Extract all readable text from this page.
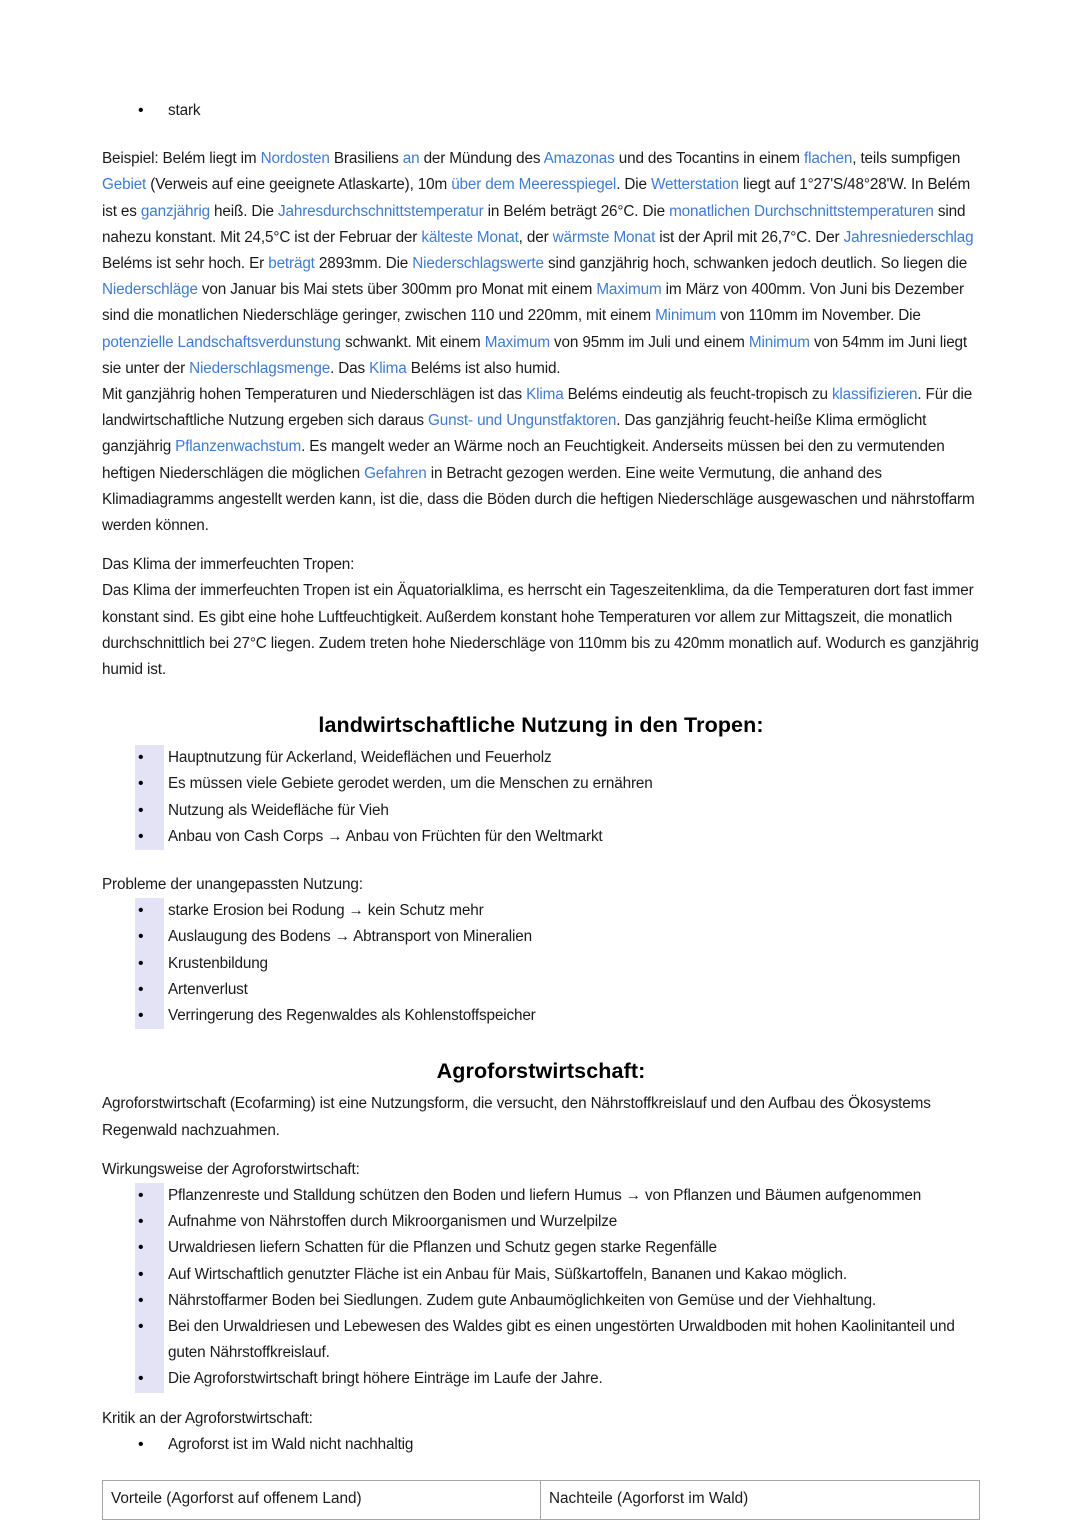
• stark

Beispiel: Belém liegt im Nordosten Brasiliens an der Mündung des Amazonas und des Tocantins in einem flachen, teils sumpfigen Gebiet (Verweis auf eine geeignete Atlaskarte), 10m über dem Meeresspiegel. Die Wetterstation liegt auf 1°27'S/48°28'W. In Belém ist es ganzjährig heiß. Die Jahresdurchschnittstemperatur in Belém beträgt 26°C. Die monatlichen Durchschnittstemperaturen sind nahezu konstant. Mit 24,5°C ist der Februar der kälteste Monat, der wärmste Monat ist der April mit 26,7°C. Der Jahresniederschlag Beléms ist sehr hoch. Er beträgt 2893mm. Die Niederschlagswerte sind ganzjährig hoch, schwanken jedoch deutlich. So liegen die Niederschläge von Januar bis Mai stets über 300mm pro Monat mit einem Maximum im März von 400mm. Von Juni bis Dezember sind die monatlichen Niederschläge geringer, zwischen 110 und 220mm, mit einem Minimum von 110mm im November. Die potenzielle Landschaftsverdunstung schwankt. Mit einem Maximum von 95mm im Juli und einem Minimum von 54mm im Juni liegt sie unter der Niederschlagsmenge. Das Klima Beléms ist also humid.

Mit ganzjährig hohen Temperaturen und Niederschlägen ist das Klima Beléms eindeutig als feucht-tropisch zu klassifizieren. Für die landwirtschaftliche Nutzung ergeben sich daraus Gunst- und Ungunstfaktoren. Das ganzjährig feucht-heiße Klima ermöglicht ganzjährig Pflanzenwachstum. Es mangelt weder an Wärme noch an Feuchtigkeit. Anderseits müssen bei den zu vermutenden heftigen Niederschlägen die möglichen Gefahren in Betracht gezogen werden. Eine weite Vermutung, die anhand des Klimadiagramms angestellt werden kann, ist die, dass die Böden durch die heftigen Niederschläge ausgewaschen und nährstoffarm werden können.

Das Klima der immerfeuchten Tropen:

Das Klima der immerfeuchten Tropen ist ein Äquatorialklima, es herrscht ein Tageszeitenklima, da die Temperaturen dort fast immer konstant sind. Es gibt eine hohe Luftfeuchtigkeit. Außerdem konstant hohe Temperaturen vor allem zur Mittagszeit, die monatlich durchschnittlich bei 27°C liegen. Zudem treten hohe Niederschläge von 110mm bis zu 420mm monatlich auf. Wodurch es ganzjährig humid ist.

landwirtschaftliche Nutzung in den Tropen:
• Hauptnutzung für Ackerland, Weideflächen und Feuerholz
• Es müssen viele Gebiete gerodet werden, um die Menschen zu ernähren
• Nutzung als Weidefläche für Vieh
• Anbau von Cash Corps → Anbau von Früchten für den Weltmarkt

Probleme der unangepassten Nutzung:

• starke Erosion bei Rodung → kein Schutz mehr
• Auslaugung des Bodens → Abtransport von Mineralien
• Krustenbildung
• Artenverlust
• Verringerung des Regenwaldes als Kohlenstoffspeicher
Agroforstwirtschaft:

Agroforstwirtschaft (Ecofarming) ist eine Nutzungsform, die versucht, den Nährstoffkreislauf und den Aufbau des Ökosystems Regenwald nachzuahmen.

Wirkungsweise der Agroforstwirtschaft:

• Pflanzenreste und Stalldung schützen den Boden und liefern Humus → von Pflanzen und Bäumen aufgenommen
• Aufnahme von Nährstoffen durch Mikroorganismen und Wurzelpilze
• Urwaldriesen liefern Schatten für die Pflanzen und Schutz gegen starke Regenfälle
• Auf Wirtschaftlich genutzter Fläche ist ein Anbau für Mais, Süßkartoffeln, Bananen und Kakao möglich.
• Nährstoffarmer Boden bei Siedlungen. Zudem gute Anbaumöglichkeiten von Gemüse und der Viehhaltung.
• Bei den Urwaldriesen und Lebewesen des Waldes gibt es einen ungestörten Urwaldboden mit hohen Kaolinitanteil und guten Nährstoffkreislauf.
• Die Agroforstwirtschaft bringt höhere Einträge im Laufe der Jahre.

Kritik an der Agroforstwirtschaft:

• Agroforst ist im Wald nicht nachhaltig
Vorteile (Agorforst auf offenem Land)	Nachteile (Agorforst im Wald)
